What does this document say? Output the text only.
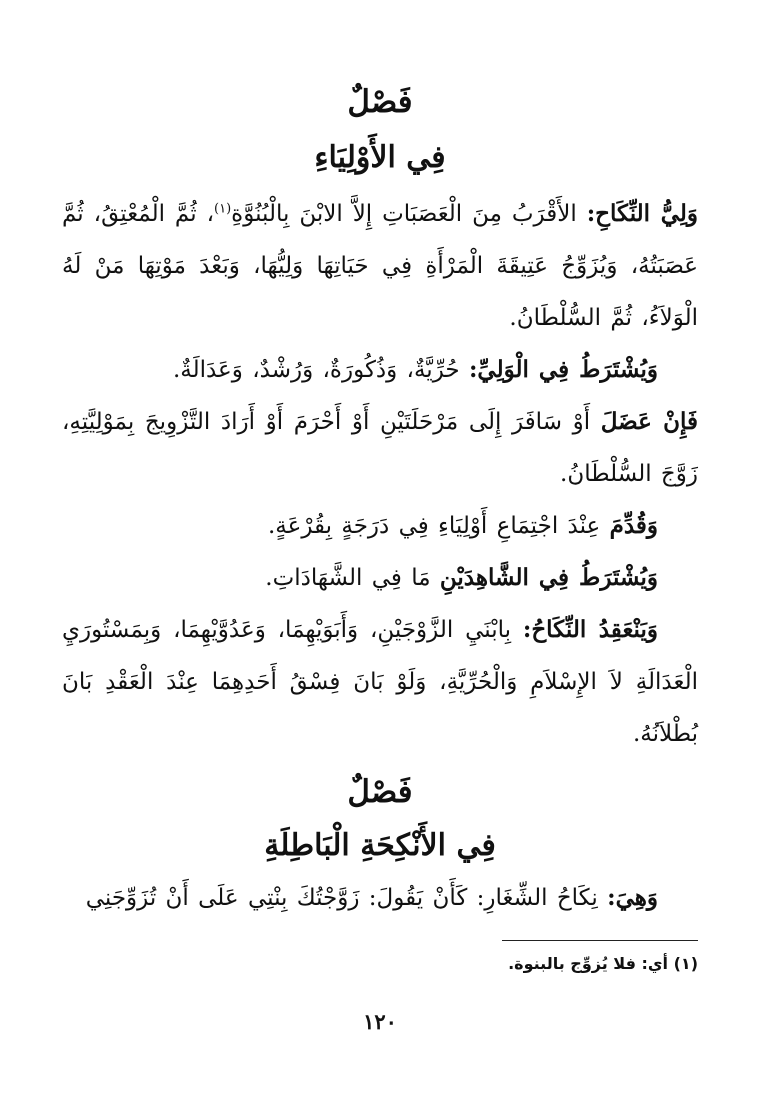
فَصْلٌ
فِي الأَوْلِيَاءِ

وَلِيُّ النِّكَاحِ: الأَقْرَبُ مِنَ الْعَصَبَاتِ إِلاَّ الابْنَ بِالْبُنُوَّةِ$^{(١)}$، ثُمَّ الْمُعْتِقُ، ثُمَّ عَصَبَتُهُ، وَيُزَوِّجُ عَتِيقَةَ الْمَرْأَةِ فِي حَيَاتِهَا وَلِيُّهَا، وَبَعْدَ مَوْتِهَا مَنْ لَهُ الْوَلاَءُ، ثُمَّ السُّلْطَانُ.

وَيُشْتَرَطُ فِي الْوَلِيِّ: حُرِّيَّةٌ، وَذُكُورَةٌ، وَرُشْدٌ، وَعَدَالَةٌ.

فَإِنْ عَضَلَ أَوْ سَافَرَ إِلَى مَرْحَلَتَيْنِ أَوْ أَحْرَمَ أَوْ أَرَادَ التَّزْوِيجَ بِمَوْلِيَّتِهِ، زَوَّجَ السُّلْطَانُ.

وَقُدِّمَ عِنْدَ اجْتِمَاعِ أَوْلِيَاءِ فِي دَرَجَةٍ بِقُرْعَةٍ.

وَيُشْتَرَطُ فِي الشَّاهِدَيْنِ مَا فِي الشَّهَادَاتِ.

وَيَنْعَقِدُ النِّكَاحُ: بِابْنَيِ الزَّوْجَيْنِ، وَأَبَوَيْهِمَا، وَعَدُوَّيْهِمَا، وَبِمَسْتُورَيِ الْعَدَالَةِ لاَ الإِسْلاَمِ وَالْحُرِّيَّةِ، وَلَوْ بَانَ فِسْقُ أَحَدِهِمَا عِنْدَ الْعَقْدِ بَانَ بُطْلاَنُهُ.

فَصْلٌ
فِي الأَنْكِحَةِ الْبَاطِلَةِ

وَهِيَ: نِكَاحُ الشِّغَارِ: كَأَنْ يَقُولَ: زَوَّجْتُكَ بِنْتِي عَلَى أَنْ تُزَوِّجَنِي

(١) أي: فلا يُزوِّج بالبنوة.

١٢٠
